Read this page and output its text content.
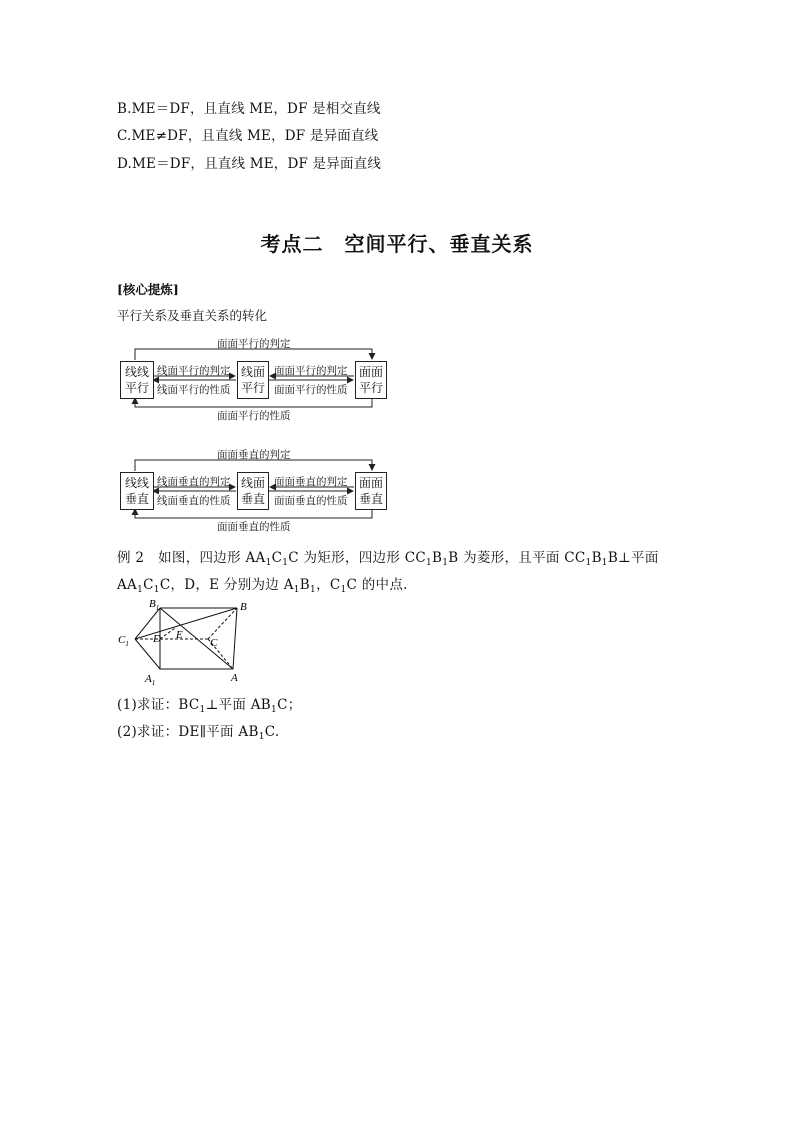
B.ME＝DF，且直线 ME，DF 是相交直线
C.ME≠DF，且直线 ME，DF 是异面直线
D.ME＝DF，且直线 ME，DF 是异面直线
考点二　空间平行、垂直关系
[核心提炼]
平行关系及垂直关系的转化
线线
平行
线面
平行
面面
平行
面面平行的判定
面面平行的性质
线面平行的判定
线面平行的性质
面面平行的判定
面面平行的性质
线线
垂直
线面
垂直
面面
垂直
面面垂直的判定
面面垂直的性质
线面垂直的判定
线面垂直的性质
面面垂直的判定
面面垂直的性质
例 2　 如图，四边形 $AA_1C_1C$ 为矩形，四边形 $CC_1B_1B$ 为菱形，且平面 $CC_1B_1B\perp$平面
$AA_1C_1C$，D，E 分别为边 $A_1B_1$，$C_1C$ 的中点.
$B_1$	B
$C_1$ D E
C
$A_1$	A
(1)求证：$BC_1\perp$平面 $AB_1C$；
(2)求证：DE∥平面 $AB_1C$.
